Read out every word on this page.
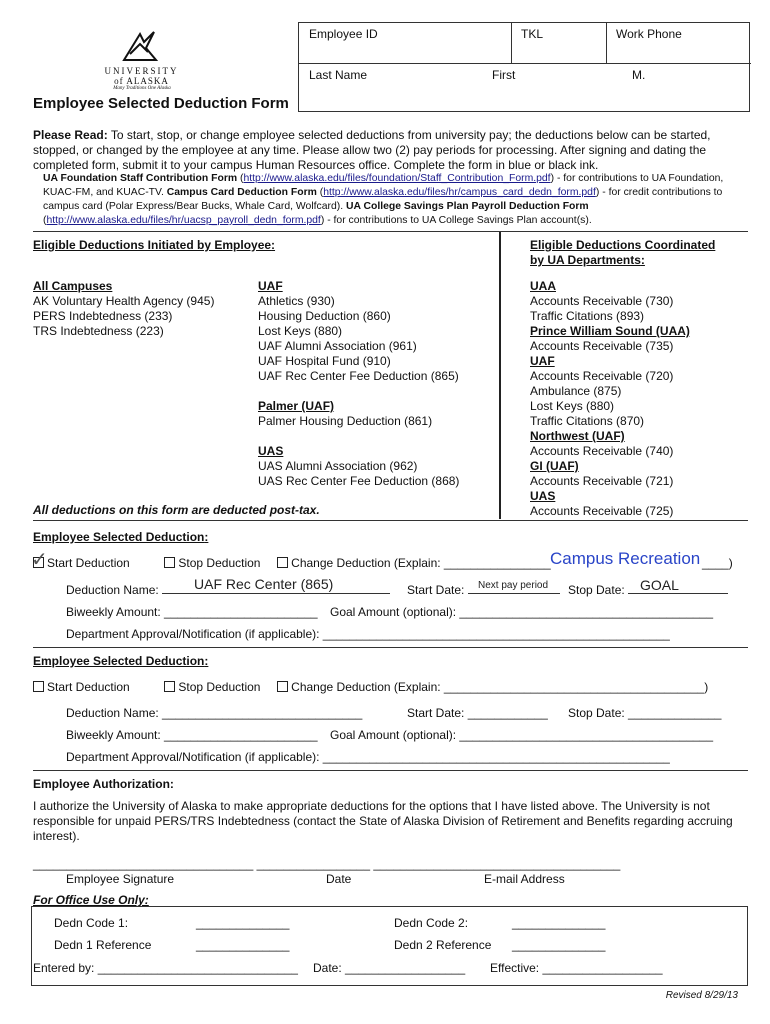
UNIVERSITY
of ALASKA
Many Traditions One Alaska
Employee Selected Deduction Form
Employee ID	TKL	Work Phone
Last Name	First	M.
Please Read: To start, stop, or change employee selected deductions from university pay; the deductions below can be started, stopped, or changed by the employee at any time. Please allow two (2) pay periods for processing. After signing and dating the completed form, submit it to your campus Human Resources office. Complete the form in blue or black ink.
UA Foundation Staff Contribution Form (http://www.alaska.edu/files/foundation/Staff_Contribution_Form.pdf) - for contributions to UA Foundation, KUAC-FM, and KUAC-TV. Campus Card Deduction Form (http://www.alaska.edu/files/hr/campus_card_dedn_form.pdf) - for credit contributions to campus card (Polar Express/Bear Bucks, Whale Card, Wolfcard). UA College Savings Plan Payroll Deduction Form (http://www.alaska.edu/files/hr/uacsp_payroll_dedn_form.pdf) - for contributions to UA College Savings Plan account(s).
Eligible Deductions Initiated by Employee:	Eligible Deductions Coordinated
by UA Departments:
All Campuses
AK Voluntary Health Agency (945)
PERS Indebtedness (233)
TRS Indebtedness (223)
UAF
Athletics (930)
Housing Deduction (860)
Lost Keys (880)
UAF Alumni Association (961)
UAF Hospital Fund (910)
UAF Rec Center Fee Deduction (865)
Palmer (UAF)
Palmer Housing Deduction (861)
UAS
UAS Alumni Association (962)
UAS Rec Center Fee Deduction (868)
UAA
Accounts Receivable (730)
Traffic Citations (893)
Prince William Sound (UAA)
Accounts Receivable (735)
UAF
Accounts Receivable (720)
Ambulance (875)
Lost Keys (880)
Traffic Citations (870)
Northwest (UAF)
Accounts Receivable (740)
GI (UAF)
Accounts Receivable (721)
UAS
Accounts Receivable (725)
All deductions on this form are deducted post-tax.
Employee Selected Deduction:
✓ Start Deduction	Stop Deduction	Change Deduction (Explain: ________________	____)
Campus Recreation
Deduction Name:	UAF Rec Center (865)	Start Date:	Next pay period Stop Date: GOAL
Biweekly Amount: _______________________ Goal Amount (optional): ______________________________________
Department Approval/Notification (if applicable): ____________________________________________________
Employee Selected Deduction:
Start Deduction	Stop Deduction	Change Deduction (Explain: _______________________________________)
Deduction Name: ______________________________	Start Date: ____________ Stop Date: ______________
Biweekly Amount: _______________________ Goal Amount (optional): ______________________________________
Department Approval/Notification (if applicable): ____________________________________________________
Employee Authorization:
I authorize the University of Alaska to make appropriate deductions for the options that I have listed above. The University is not responsible for unpaid PERS/TRS Indebtedness (contact the State of Alaska Division of Retirement and Benefits regarding accruing interest).
_________________________________ _________________ _____________________________________
Employee Signature	Date	E-mail Address
For Office Use Only:
Dedn Code 1:	______________	Dedn Code 2:	______________
Dedn 1 Reference	______________	Dedn 2 Reference ______________
Entered by: ______________________________ Date: __________________ Effective: __________________
Revised 8/29/13
